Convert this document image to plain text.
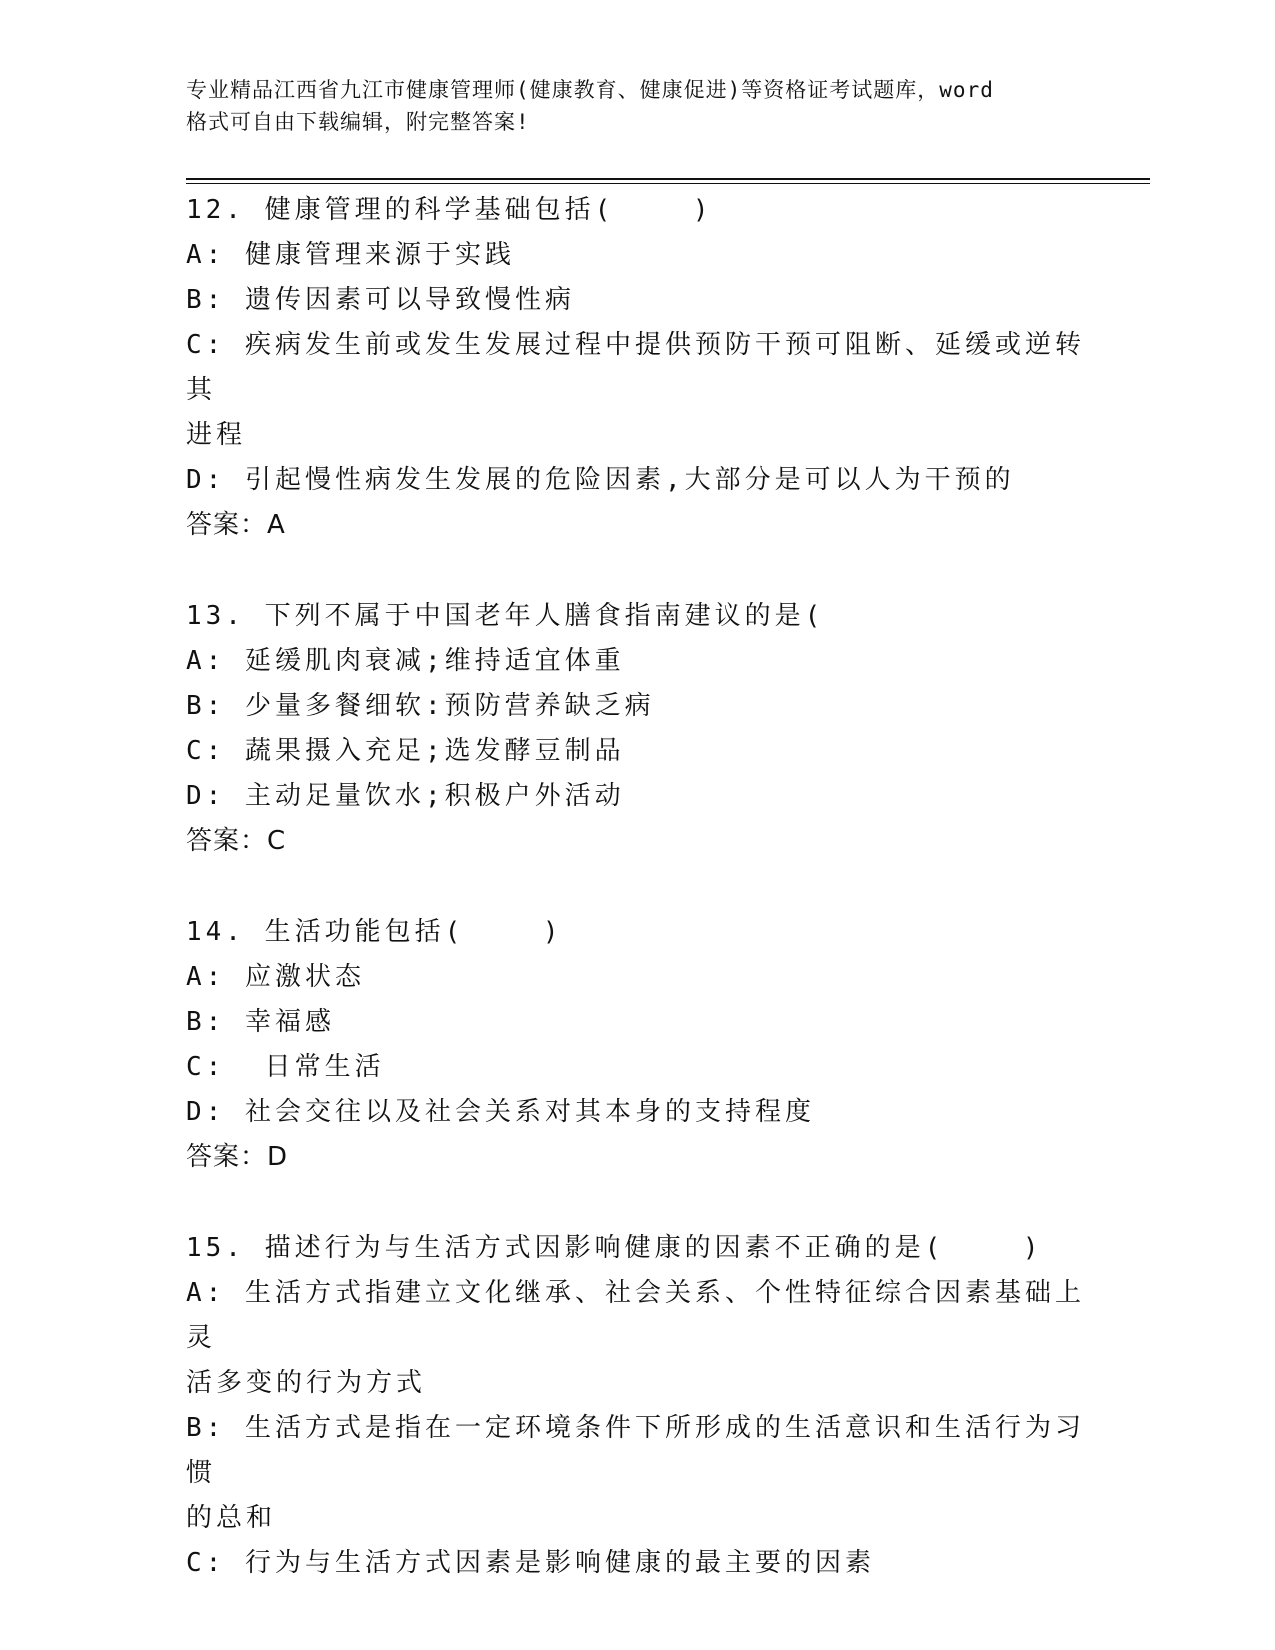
专业精品江西省九江市健康管理师(健康教育、健康促进)等资格证考试题库，word
格式可自由下载编辑，附完整答案!
12. 健康管理的科学基础包括(    )
A: 健康管理来源于实践
B: 遗传因素可以导致慢性病
C: 疾病发生前或发生发展过程中提供预防干预可阻断、延缓或逆转其
进程
D: 引起慢性病发生发展的危险因素,大部分是可以人为干预的
答案：A
13. 下列不属于中国老年人膳食指南建议的是(
A: 延缓肌肉衰减;维持适宜体重
B: 少量多餐细软:预防营养缺乏病
C: 蔬果摄入充足;选发酵豆制品
D: 主动足量饮水;积极户外活动
答案：C
14. 生活功能包括(    )
A: 应激状态
B: 幸福感
C:  日常生活
D: 社会交往以及社会关系对其本身的支持程度
答案：D
15. 描述行为与生活方式因影响健康的因素不正确的是(    )
A: 生活方式指建立文化继承、社会关系、个性特征综合因素基础上灵
活多变的行为方式
B: 生活方式是指在一定环境条件下所形成的生活意识和生活行为习惯
的总和
C: 行为与生活方式因素是影响健康的最主要的因素
